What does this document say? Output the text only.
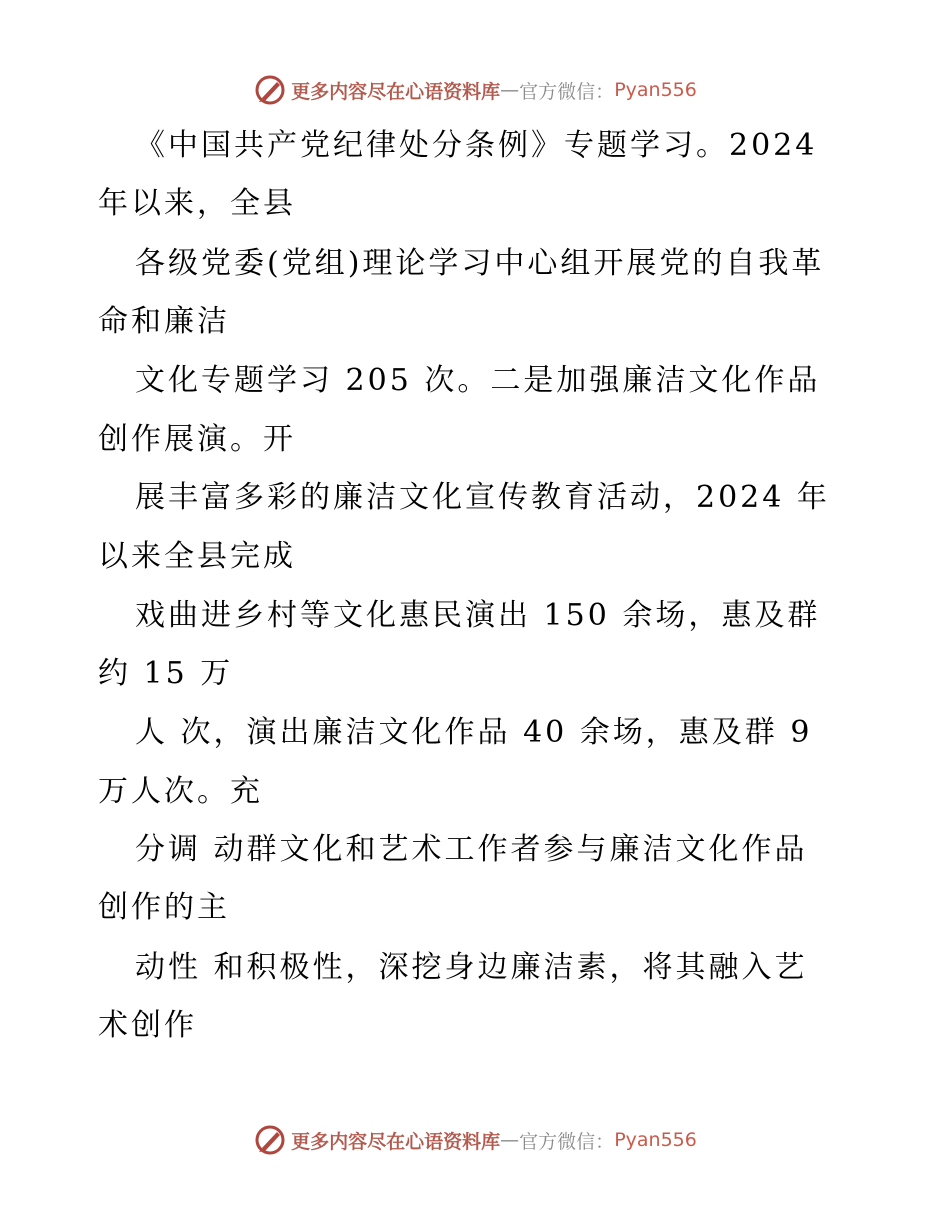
更多内容尽在心语资料库 — 官方微信： Pyan556
《中国共产党纪律处分条例》专题学习。2024
年以来，全县
各级党委(党组)理论学习中心组开展党的自我革
命和廉洁
文化专题学习 205 次。二是加强廉洁文化作品
创作展演。开
展丰富多彩的廉洁文化宣传教育活动，2024 年
以来全县完成
戏曲进乡村等文化惠民演出 150 余场，惠及群
约 15 万
人 次，演出廉洁文化作品 40 余场，惠及群 9
万人次。充
分调 动群文化和艺术工作者参与廉洁文化作品
创作的主
动性 和积极性，深挖身边廉洁素，将其融入艺
术创作
更多内容尽在心语资料库 — 官方微信： Pyan556
